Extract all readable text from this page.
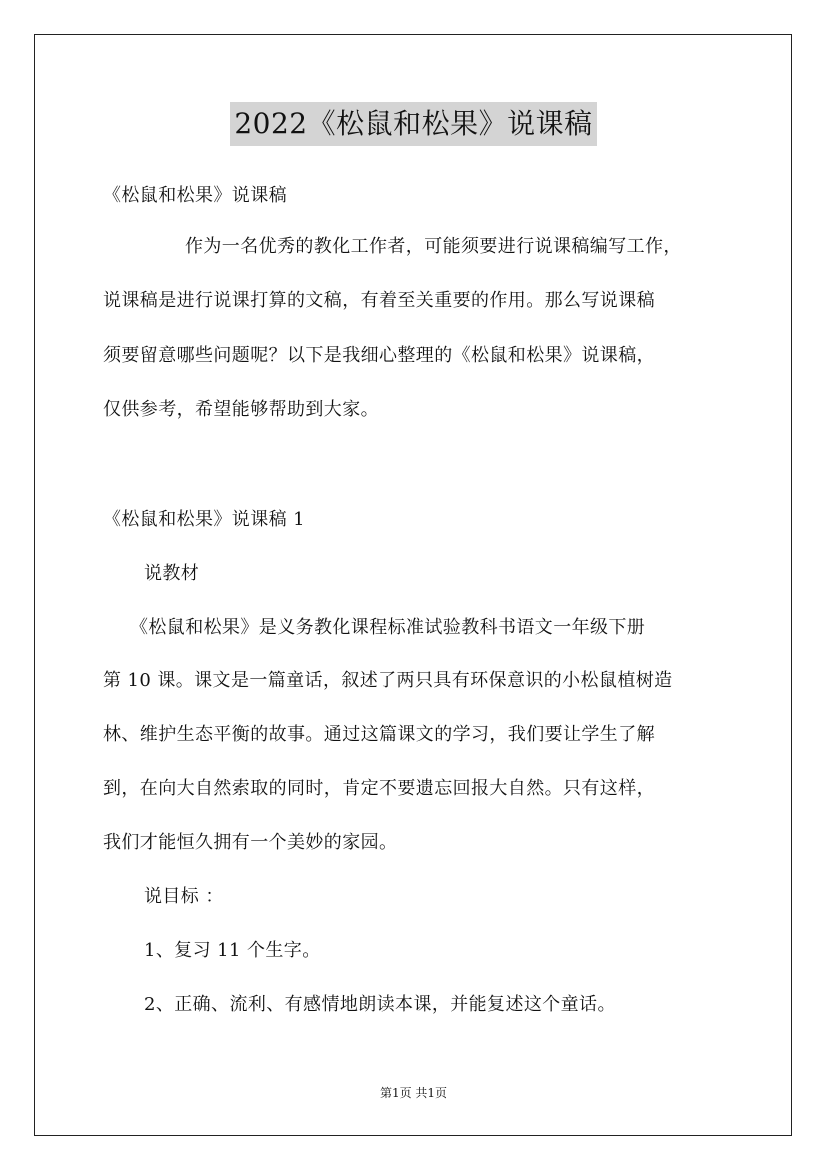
2022《松鼠和松果》说课稿
《松鼠和松果》说课稿
作为一名优秀的教化工作者，可能须要进行说课稿编写工作，
说课稿是进行说课打算的文稿，有着至关重要的作用。那么写说课稿
须要留意哪些问题呢？以下是我细心整理的《松鼠和松果》说课稿，
仅供参考，希望能够帮助到大家。
《松鼠和松果》说课稿 1
说教材
《松鼠和松果》是义务教化课程标准试验教科书语文一年级下册
第 10 课。课文是一篇童话，叙述了两只具有环保意识的小松鼠植树造
林、维护生态平衡的故事。通过这篇课文的学习，我们要让学生了解
到，在向大自然索取的同时，肯定不要遗忘回报大自然。只有这样，
我们才能恒久拥有一个美妙的家园。
说目标 ：
1、复习 11 个生字。
2、正确、流利、有感情地朗读本课，并能复述这个童话。
第1页 共1页
